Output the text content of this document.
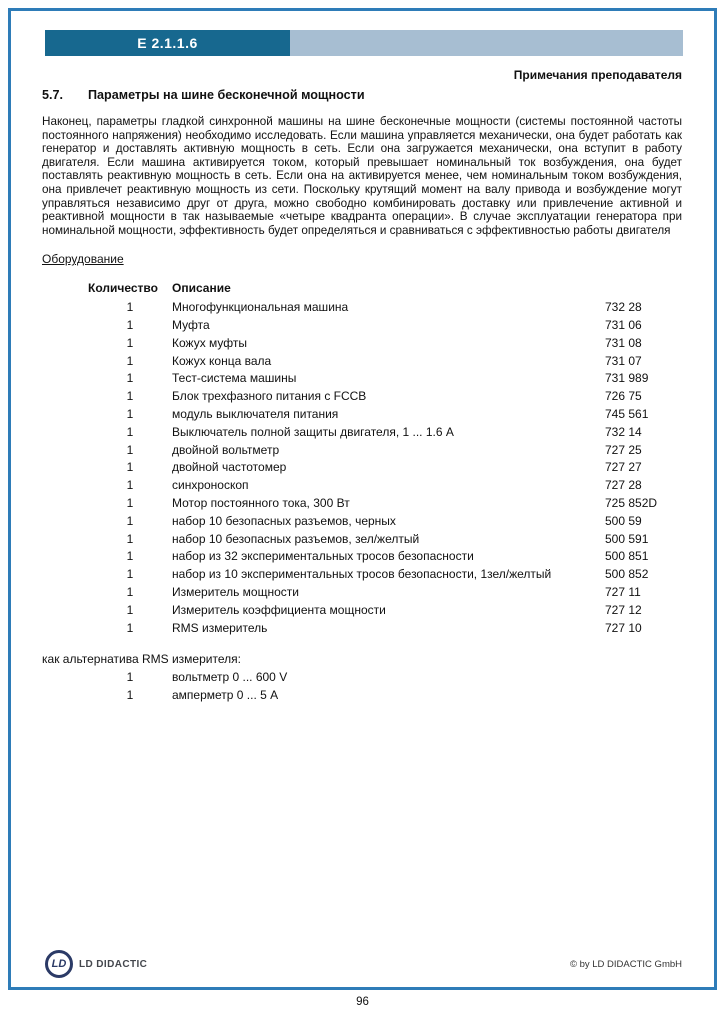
E 2.1.1.6
Примечания преподавателя
5.7. Параметры на шине бесконечной мощности

Наконец, параметры гладкой синхронной машины на шине бесконечные мощности (системы постоянной частоты постоянного напряжения) необходимо исследовать. Если машина управляется механически, она будет работать как генератор и доставлять активную мощность в сеть. Если она загружается механически, она вступит в работу двигателя. Если машина активируется током, который превышает номинальный ток возбуждения, она будет поставлять реактивную мощность в сеть. Если она на активируется менее, чем номинальным током возбуждения, она привлечет реактивную мощность из сети. Поскольку крутящий момент на валу привода и возбуждение могут управляться независимо друг от друга, можно свободно комбинировать доставку или привлечение активной и реактивной мощности в так называемые «четыре квадранта операции». В случае эксплуатации генератора при номинальной мощности, эффективность будет определяться и сравниваться с эффективностью работы двигателя

Оборудование
Количество	Описание
1	Многофункциональная машина	732 28
1	Муфта	731 06
1	Кожух муфты	731 08
1	Кожух конца вала	731 07
1	Тест-система машины	731 989
1	Блок трехфазного питания с FCCB	726 75
1	модуль выключателя питания	745 561
1	Выключатель полной защиты двигателя, 1 ... 1.6 А	732 14
1	двойной вольтметр	727 25
1	двойной частотомер	727 27
1	синхроноскоп	727 28
1	Мотор постоянного тока, 300 Вт	725 852D
1	набор 10 безопасных разъемов, черных	500 59
1	набор 10 безопасных разъемов, зел/желтый	500 591
1	набор из 32 экспериментальных тросов безопасности	500 851
1	набор из 10 экспериментальных тросов безопасности, 1зел/желтый	500 852
1	Измеритель мощности	727 11
1	Измеритель коэффициента мощности	727 12
1	RMS измеритель	727 10
как альтернатива RMS измерителя:
1	вольтметр 0 ... 600 V
1	амперметр 0 ... 5 А
LD LD DIDACTIC	© by LD DIDACTIC GmbH
96
